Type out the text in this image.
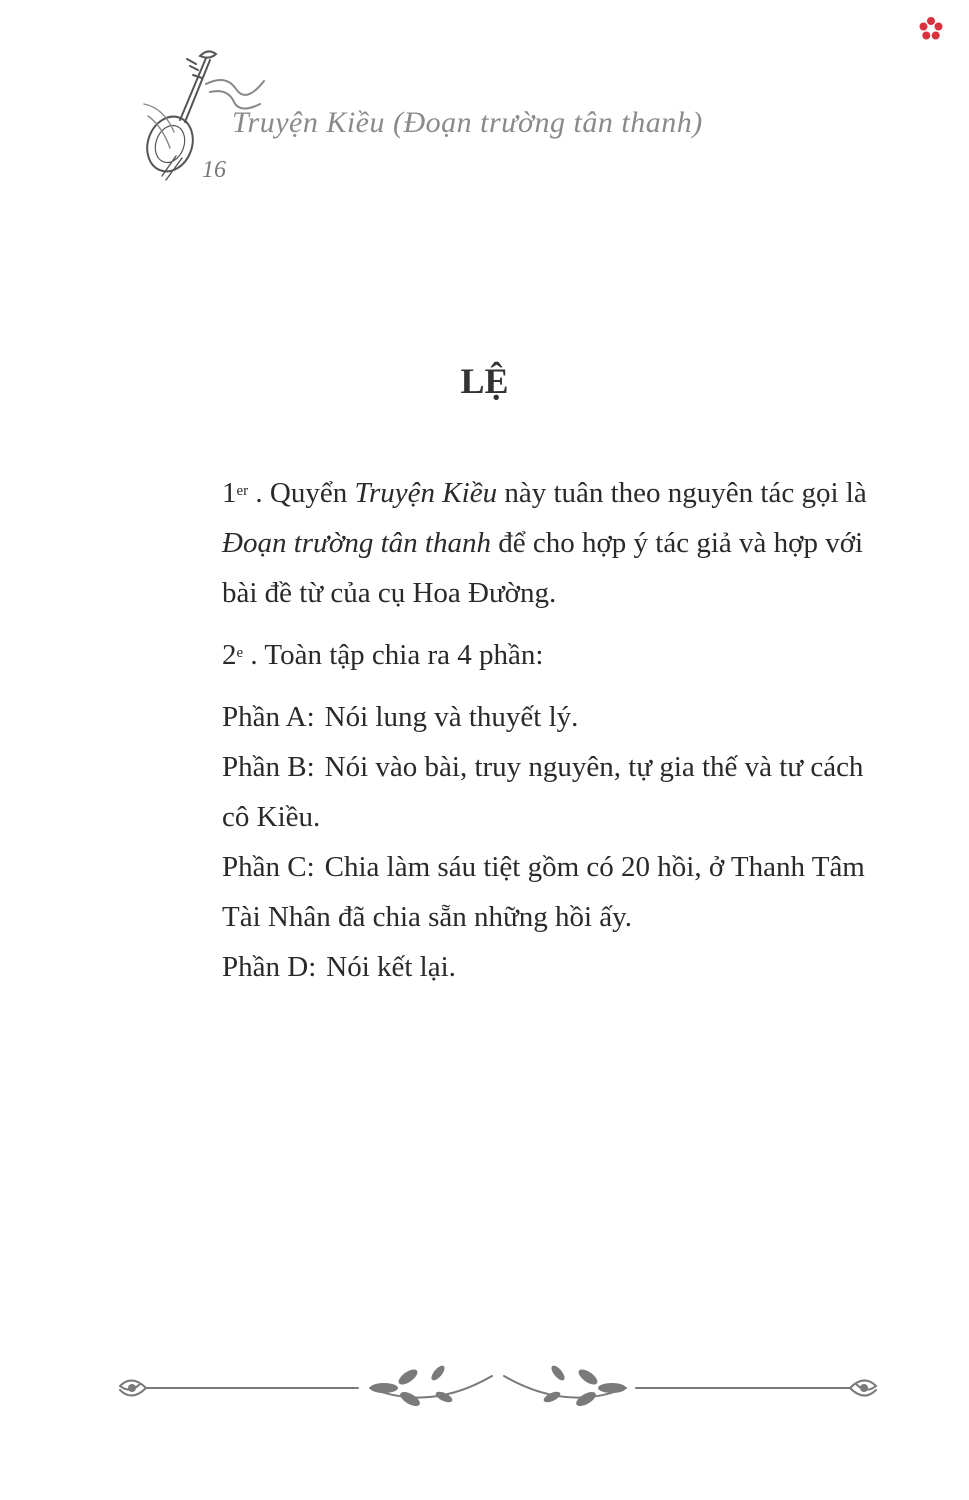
Truyện Kiều (Đoạn trường tân thanh)
16
LỆ

1er . Quyển Truyện Kiều này tuân theo nguyên tác gọi là Đoạn trường tân thanh để cho hợp ý tác giả và hợp với bài đề từ của cụ Hoa Đường.

2e . Toàn tập chia ra 4 phần:

Phần A: Nói lung và thuyết lý.

Phần B: Nói vào bài, truy nguyên, tự gia thế và tư cách cô Kiều.

Phần C: Chia làm sáu tiệt gồm có 20 hồi, ở Thanh Tâm Tài Nhân đã chia sẵn những hồi ấy.

Phần D: Nói kết lại.
